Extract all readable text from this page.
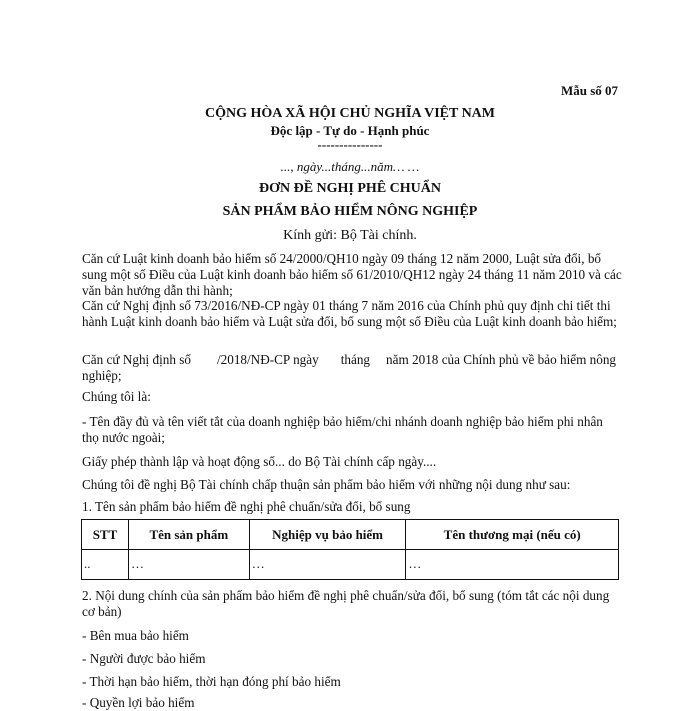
Mẫu số 07
CỘNG HÒA XÃ HỘI CHỦ NGHĨA VIỆT NAM
Độc lập - Tự do - Hạnh phúc
---------------
..., ngày...tháng...năm… …
ĐƠN ĐỀ NGHỊ PHÊ CHUẨN
SẢN PHẨM BẢO HIỂM NÔNG NGHIỆP
Kính gửi: Bộ Tài chính.
Căn cứ Luật kinh doanh bảo hiểm số 24/2000/QH10 ngày 09 tháng 12 năm 2000, Luật sửa đổi, bổ sung một số Điều của Luật kinh doanh bảo hiểm số 61/2010/QH12 ngày 24 tháng 11 năm 2010 và các văn bản hướng dẫn thi hành;
Căn cứ Nghị định số 73/2016/NĐ-CP ngày 01 tháng 7 năm 2016 của Chính phủ quy định chi tiết thi hành Luật kinh doanh bảo hiểm và Luật sửa đổi, bổ sung một số Điều của Luật kinh doanh bảo hiểm;
Căn cứ Nghị định số /2018/NĐ-CP ngày tháng năm 2018 của Chính phủ về bảo hiểm nông nghiệp;
Chúng tôi là:
- Tên đầy đủ và tên viết tắt của doanh nghiệp bảo hiểm/chi nhánh doanh nghiệp bảo hiểm phi nhân thọ nước ngoài;
Giấy phép thành lập và hoạt động số... do Bộ Tài chính cấp ngày....
Chúng tôi đề nghị Bộ Tài chính chấp thuận sản phẩm bảo hiểm với những nội dung như sau:
1. Tên sản phẩm bảo hiểm đề nghị phê chuẩn/sửa đổi, bổ sung
STT	Tên sản phẩm	Nghiệp vụ bảo hiểm	Tên thương mại (nếu có)
..	…	…	…
2. Nội dung chính của sản phẩm bảo hiểm đề nghị phê chuẩn/sửa đổi, bổ sung (tóm tắt các nội dung cơ bản)
- Bên mua bảo hiểm
- Người được bảo hiểm
- Thời hạn bảo hiểm, thời hạn đóng phí bảo hiểm
- Quyền lợi bảo hiểm
